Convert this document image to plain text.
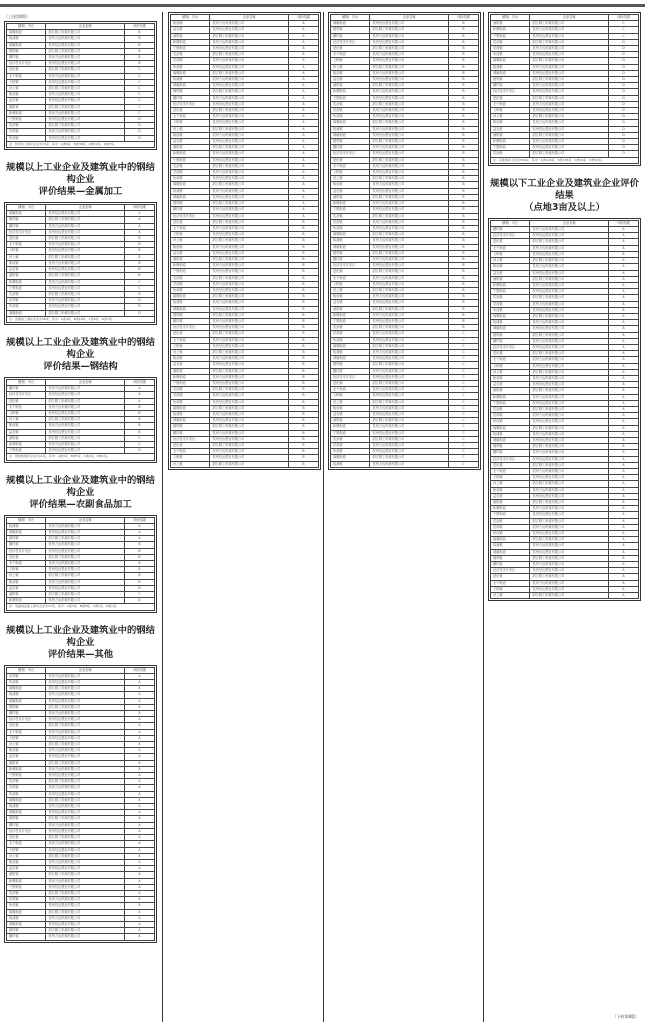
（上接第6版）
镇街、平台	企业名称	评价结果
闻堰街道	浙江精工机械有限公司	B
临浦镇	杭州万达机械有限公司	B
城厢街道	杭州信达塑业有限公司	B
楼塔镇	浙江精工机械有限公司	B
戴村镇	杭州万达机械有限公司	B
经济技术开发区	杭州信达塑业有限公司	B
进化镇	浙江精工机械有限公司	C
北干街道	杭州万达机械有限公司	C
义桥镇	杭州信达塑业有限公司	C
河上镇	浙江精工机械有限公司	C
衙前镇	杭州万达机械有限公司	C
益农镇	杭州信达塑业有限公司	C
浦阳镇	浙江精工机械有限公司	C
新塘街道	杭州万达机械有限公司	C
宁围街道	杭州信达塑业有限公司	D
瓜沥镇	浙江精工机械有限公司	D
党湾镇	杭州万达机械有限公司	D
所前镇	杭州信达塑业有限公司	D
注：纺织化工参评企业共72家，其中：A类8家、B类38家、C类19家、D类7家。		
规模以上工业企业及建筑业中的钢结构企业
评价结果—金属加工
镇街、平台	企业名称	评价结果
城厢街道	杭州信达塑业有限公司	A
楼塔镇	浙江精工机械有限公司	A
戴村镇	杭州万达机械有限公司	A
经济技术开发区	杭州信达塑业有限公司	A
进化镇	浙江精工机械有限公司	B
北干街道	杭州万达机械有限公司	B
义桥镇	杭州信达塑业有限公司	B
河上镇	浙江精工机械有限公司	B
衙前镇	杭州万达机械有限公司	B
益农镇	杭州信达塑业有限公司	B
浦阳镇	浙江精工机械有限公司	B
新塘街道	杭州万达机械有限公司	C
宁围街道	杭州信达塑业有限公司	C
瓜沥镇	浙江精工机械有限公司	D
党湾镇	杭州万达机械有限公司	D
所前镇	杭州信达塑业有限公司	D
闻堰街道	浙江精工机械有限公司	D
注：金属加工参评企业共38家，其中：A类4家、B类18家、C类9家、D类7家。		
规模以上工业企业及建筑业中的钢结构企业
评价结果—钢结构
镇街、平台	企业名称	评价结果
戴村镇	杭州万达机械有限公司	A
经济技术开发区	杭州信达塑业有限公司	A
进化镇	浙江精工机械有限公司	A
北干街道	杭州万达机械有限公司	B
义桥镇	杭州信达塑业有限公司	B
河上镇	浙江精工机械有限公司	B
衙前镇	杭州万达机械有限公司	B
益农镇	杭州信达塑业有限公司	B
浦阳镇	浙江精工机械有限公司	C
新塘街道	杭州万达机械有限公司	C
宁围街道	杭州信达塑业有限公司	D
注：钢结构参评企业共11家，其中：A类3家、B类5家、C类2家、D类1家。		
规模以上工业企业及建筑业中的钢结构企业
评价结果—农副食品加工
镇街、平台	企业名称	评价结果
临浦镇	杭州万达机械有限公司	A
城厢街道	杭州信达塑业有限公司	A
楼塔镇	浙江精工机械有限公司	A
戴村镇	杭州万达机械有限公司	B
经济技术开发区	杭州信达塑业有限公司	B
进化镇	浙江精工机械有限公司	B
北干街道	杭州万达机械有限公司	B
义桥镇	杭州信达塑业有限公司	B
河上镇	浙江精工机械有限公司	B
衙前镇	杭州万达机械有限公司	B
益农镇	杭州信达塑业有限公司	B
浦阳镇	浙江精工机械有限公司	C
新塘街道	杭州万达机械有限公司	D
注：农副食品加工参评企业共13家，其中：A类3家、B类8家、C类1家、D类1家。		
规模以上工业企业及建筑业中的钢结构企业
评价结果—其他
镇街、平台	企业名称	评价结果
党湾镇	杭州万达机械有限公司	A
所前镇	杭州信达塑业有限公司	A
闻堰街道	浙江精工机械有限公司	A
临浦镇	杭州万达机械有限公司	A
城厢街道	杭州信达塑业有限公司	A
楼塔镇	浙江精工机械有限公司	A
戴村镇	杭州万达机械有限公司	A
经济技术开发区	杭州信达塑业有限公司	A
进化镇	浙江精工机械有限公司	A
北干街道	杭州万达机械有限公司	A
义桥镇	杭州信达塑业有限公司	A
河上镇	浙江精工机械有限公司	A
衙前镇	杭州万达机械有限公司	A
益农镇	杭州信达塑业有限公司	A
浦阳镇	浙江精工机械有限公司	A
新塘街道	杭州万达机械有限公司	A
宁围街道	杭州信达塑业有限公司	A
瓜沥镇	浙江精工机械有限公司	A
党湾镇	杭州万达机械有限公司	A
所前镇	杭州信达塑业有限公司	A
闻堰街道	浙江精工机械有限公司	A
临浦镇	杭州万达机械有限公司	A
城厢街道	杭州信达塑业有限公司	A
楼塔镇	浙江精工机械有限公司	A
戴村镇	杭州万达机械有限公司	A
经济技术开发区	杭州信达塑业有限公司	A
进化镇	浙江精工机械有限公司	A
北干街道	杭州万达机械有限公司	A
义桥镇	杭州信达塑业有限公司	A
河上镇	浙江精工机械有限公司	A
衙前镇	杭州万达机械有限公司	A
益农镇	杭州信达塑业有限公司	A
浦阳镇	浙江精工机械有限公司	A
新塘街道	杭州万达机械有限公司	A
宁围街道	杭州信达塑业有限公司	A
瓜沥镇	浙江精工机械有限公司	A
党湾镇	杭州万达机械有限公司	A
所前镇	杭州信达塑业有限公司	A
闻堰街道	浙江精工机械有限公司	A
临浦镇	杭州万达机械有限公司	A
城厢街道	杭州信达塑业有限公司	A
楼塔镇	浙江精工机械有限公司	A
戴村镇	杭州万达机械有限公司	A
镇街、平台	企业名称	评价结果
衙前镇	杭州万达机械有限公司	A
益农镇	杭州信达塑业有限公司	A
浦阳镇	浙江精工机械有限公司	A
新塘街道	杭州万达机械有限公司	A
宁围街道	杭州信达塑业有限公司	A
瓜沥镇	浙江精工机械有限公司	A
党湾镇	杭州万达机械有限公司	A
所前镇	杭州信达塑业有限公司	A
闻堰街道	浙江精工机械有限公司	A
临浦镇	杭州万达机械有限公司	A
城厢街道	杭州信达塑业有限公司	A
楼塔镇	浙江精工机械有限公司	A
戴村镇	杭州万达机械有限公司	A
经济技术开发区	杭州信达塑业有限公司	A
进化镇	浙江精工机械有限公司	A
北干街道	杭州万达机械有限公司	A
义桥镇	杭州信达塑业有限公司	A
河上镇	浙江精工机械有限公司	A
衙前镇	杭州万达机械有限公司	A
益农镇	杭州信达塑业有限公司	A
浦阳镇	浙江精工机械有限公司	A
新塘街道	杭州万达机械有限公司	A
宁围街道	杭州信达塑业有限公司	A
瓜沥镇	浙江精工机械有限公司	A
党湾镇	杭州万达机械有限公司	A
所前镇	杭州信达塑业有限公司	A
闻堰街道	浙江精工机械有限公司	A
临浦镇	杭州万达机械有限公司	A
城厢街道	杭州信达塑业有限公司	A
楼塔镇	浙江精工机械有限公司	A
戴村镇	杭州万达机械有限公司	A
经济技术开发区	杭州信达塑业有限公司	A
进化镇	浙江精工机械有限公司	B
北干街道	杭州万达机械有限公司	B
义桥镇	杭州信达塑业有限公司	B
河上镇	浙江精工机械有限公司	B
衙前镇	杭州万达机械有限公司	B
益农镇	杭州信达塑业有限公司	B
浦阳镇	浙江精工机械有限公司	B
新塘街道	杭州万达机械有限公司	B
宁围街道	杭州信达塑业有限公司	B
瓜沥镇	浙江精工机械有限公司	B
党湾镇	杭州万达机械有限公司	B
所前镇	杭州信达塑业有限公司	B
闻堰街道	浙江精工机械有限公司	B
临浦镇	杭州万达机械有限公司	B
城厢街道	杭州信达塑业有限公司	B
楼塔镇	浙江精工机械有限公司	B
戴村镇	杭州万达机械有限公司	B
经济技术开发区	杭州信达塑业有限公司	B
进化镇	浙江精工机械有限公司	B
北干街道	杭州万达机械有限公司	B
义桥镇	杭州信达塑业有限公司	B
河上镇	浙江精工机械有限公司	B
衙前镇	杭州万达机械有限公司	B
益农镇	杭州信达塑业有限公司	B
浦阳镇	浙江精工机械有限公司	B
新塘街道	杭州万达机械有限公司	B
宁围街道	杭州信达塑业有限公司	B
瓜沥镇	浙江精工机械有限公司	B
党湾镇	杭州万达机械有限公司	B
所前镇	杭州信达塑业有限公司	B
闻堰街道	浙江精工机械有限公司	B
临浦镇	杭州万达机械有限公司	B
城厢街道	杭州信达塑业有限公司	B
楼塔镇	浙江精工机械有限公司	B
戴村镇	杭州万达机械有限公司	B
经济技术开发区	杭州信达塑业有限公司	B
进化镇	浙江精工机械有限公司	B
北干街道	杭州万达机械有限公司	B
义桥镇	杭州信达塑业有限公司	B
河上镇	浙江精工机械有限公司	B
镇街、平台	企业名称	评价结果
城厢街道	杭州信达塑业有限公司	B
楼塔镇	浙江精工机械有限公司	B
戴村镇	杭州万达机械有限公司	B
经济技术开发区	杭州信达塑业有限公司	B
进化镇	浙江精工机械有限公司	B
北干街道	杭州万达机械有限公司	B
义桥镇	杭州信达塑业有限公司	B
河上镇	浙江精工机械有限公司	B
衙前镇	杭州万达机械有限公司	B
益农镇	杭州信达塑业有限公司	B
浦阳镇	浙江精工机械有限公司	B
新塘街道	杭州万达机械有限公司	B
宁围街道	杭州信达塑业有限公司	B
瓜沥镇	浙江精工机械有限公司	B
党湾镇	杭州万达机械有限公司	B
所前镇	杭州信达塑业有限公司	B
闻堰街道	浙江精工机械有限公司	B
临浦镇	杭州万达机械有限公司	B
城厢街道	杭州信达塑业有限公司	B
楼塔镇	浙江精工机械有限公司	B
戴村镇	杭州万达机械有限公司	B
经济技术开发区	杭州信达塑业有限公司	B
进化镇	浙江精工机械有限公司	B
北干街道	杭州万达机械有限公司	B
义桥镇	杭州信达塑业有限公司	B
河上镇	浙江精工机械有限公司	B
衙前镇	杭州万达机械有限公司	B
益农镇	杭州信达塑业有限公司	B
浦阳镇	浙江精工机械有限公司	B
新塘街道	杭州万达机械有限公司	B
宁围街道	杭州信达塑业有限公司	B
瓜沥镇	浙江精工机械有限公司	B
党湾镇	杭州万达机械有限公司	B
所前镇	杭州信达塑业有限公司	B
闻堰街道	浙江精工机械有限公司	B
临浦镇	杭州万达机械有限公司	B
城厢街道	杭州信达塑业有限公司	B
楼塔镇	浙江精工机械有限公司	B
戴村镇	杭州万达机械有限公司	B
经济技术开发区	杭州信达塑业有限公司	B
进化镇	浙江精工机械有限公司	B
北干街道	杭州万达机械有限公司	B
义桥镇	杭州信达塑业有限公司	B
河上镇	浙江精工机械有限公司	B
衙前镇	杭州万达机械有限公司	B
益农镇	杭州信达塑业有限公司	B
浦阳镇	浙江精工机械有限公司	B
新塘街道	杭州万达机械有限公司	B
宁围街道	杭州信达塑业有限公司	B
瓜沥镇	浙江精工机械有限公司	B
党湾镇	杭州万达机械有限公司	C
所前镇	杭州信达塑业有限公司	C
闻堰街道	浙江精工机械有限公司	C
临浦镇	杭州万达机械有限公司	C
城厢街道	杭州信达塑业有限公司	C
楼塔镇	浙江精工机械有限公司	C
戴村镇	杭州万达机械有限公司	C
经济技术开发区	杭州信达塑业有限公司	C
进化镇	浙江精工机械有限公司	C
北干街道	杭州万达机械有限公司	C
义桥镇	杭州信达塑业有限公司	C
河上镇	浙江精工机械有限公司	C
衙前镇	杭州万达机械有限公司	C
益农镇	杭州信达塑业有限公司	C
浦阳镇	浙江精工机械有限公司	C
新塘街道	杭州万达机械有限公司	C
宁围街道	杭州信达塑业有限公司	C
瓜沥镇	浙江精工机械有限公司	C
党湾镇	杭州万达机械有限公司	C
所前镇	杭州信达塑业有限公司	C
闻堰街道	浙江精工机械有限公司	C
临浦镇	杭州万达机械有限公司	C
镇街、平台	企业名称	评价结果
浦阳镇	浙江精工机械有限公司	C
新塘街道	杭州万达机械有限公司	C
宁围街道	杭州信达塑业有限公司	C
瓜沥镇	浙江精工机械有限公司	D
党湾镇	杭州万达机械有限公司	D
所前镇	杭州信达塑业有限公司	D
闻堰街道	浙江精工机械有限公司	D
临浦镇	杭州万达机械有限公司	D
城厢街道	杭州信达塑业有限公司	D
楼塔镇	浙江精工机械有限公司	D
戴村镇	杭州万达机械有限公司	D
经济技术开发区	杭州信达塑业有限公司	D
进化镇	浙江精工机械有限公司	D
北干街道	杭州万达机械有限公司	D
义桥镇	杭州信达塑业有限公司	D
河上镇	浙江精工机械有限公司	D
衙前镇	杭州万达机械有限公司	D
益农镇	杭州信达塑业有限公司	D
浦阳镇	浙江精工机械有限公司	D
新塘街道	杭州万达机械有限公司	D
宁围街道	杭州信达塑业有限公司	D
瓜沥镇	浙江精工机械有限公司	D
注：其他参评企业共356家，其中：A类104家、B类178家、C类54家、D类20家。		
规模以下工业企业及建筑业企业评价结果
（点地3亩及以上）
镇街、平台	企业名称	评价结果
戴村镇	杭州万达机械有限公司	A
经济技术开发区	杭州信达塑业有限公司	A
进化镇	浙江精工机械有限公司	A
北干街道	杭州万达机械有限公司	A
义桥镇	杭州信达塑业有限公司	A
河上镇	浙江精工机械有限公司	A
衙前镇	杭州万达机械有限公司	A
益农镇	杭州信达塑业有限公司	A
浦阳镇	浙江精工机械有限公司	A
新塘街道	杭州万达机械有限公司	A
宁围街道	杭州信达塑业有限公司	A
瓜沥镇	浙江精工机械有限公司	A
党湾镇	杭州万达机械有限公司	A
所前镇	杭州信达塑业有限公司	A
闻堰街道	浙江精工机械有限公司	A
临浦镇	杭州万达机械有限公司	A
城厢街道	杭州信达塑业有限公司	A
楼塔镇	浙江精工机械有限公司	A
戴村镇	杭州万达机械有限公司	A
经济技术开发区	杭州信达塑业有限公司	A
进化镇	浙江精工机械有限公司	A
北干街道	杭州万达机械有限公司	A
义桥镇	杭州信达塑业有限公司	A
河上镇	浙江精工机械有限公司	A
衙前镇	杭州万达机械有限公司	A
益农镇	杭州信达塑业有限公司	A
浦阳镇	浙江精工机械有限公司	A
新塘街道	杭州万达机械有限公司	A
宁围街道	杭州信达塑业有限公司	A
瓜沥镇	浙江精工机械有限公司	A
党湾镇	杭州万达机械有限公司	A
所前镇	杭州信达塑业有限公司	A
闻堰街道	浙江精工机械有限公司	A
临浦镇	杭州万达机械有限公司	A
城厢街道	杭州信达塑业有限公司	A
楼塔镇	浙江精工机械有限公司	A
戴村镇	杭州万达机械有限公司	A
经济技术开发区	杭州信达塑业有限公司	A
进化镇	浙江精工机械有限公司	A
北干街道	杭州万达机械有限公司	A
义桥镇	杭州信达塑业有限公司	A
河上镇	浙江精工机械有限公司	A
衙前镇	杭州万达机械有限公司	A
益农镇	杭州信达塑业有限公司	A
浦阳镇	浙江精工机械有限公司	A
新塘街道	杭州万达机械有限公司	A
宁围街道	杭州信达塑业有限公司	A
瓜沥镇	浙江精工机械有限公司	A
党湾镇	杭州万达机械有限公司	A
所前镇	杭州信达塑业有限公司	A
闻堰街道	浙江精工机械有限公司	A
临浦镇	杭州万达机械有限公司	A
城厢街道	杭州信达塑业有限公司	A
楼塔镇	浙江精工机械有限公司	A
戴村镇	杭州万达机械有限公司	A
经济技术开发区	杭州信达塑业有限公司	A
进化镇	浙江精工机械有限公司	A
北干街道	杭州万达机械有限公司	A
义桥镇	杭州信达塑业有限公司	A
河上镇	浙江精工机械有限公司	A
（下转第8版）
